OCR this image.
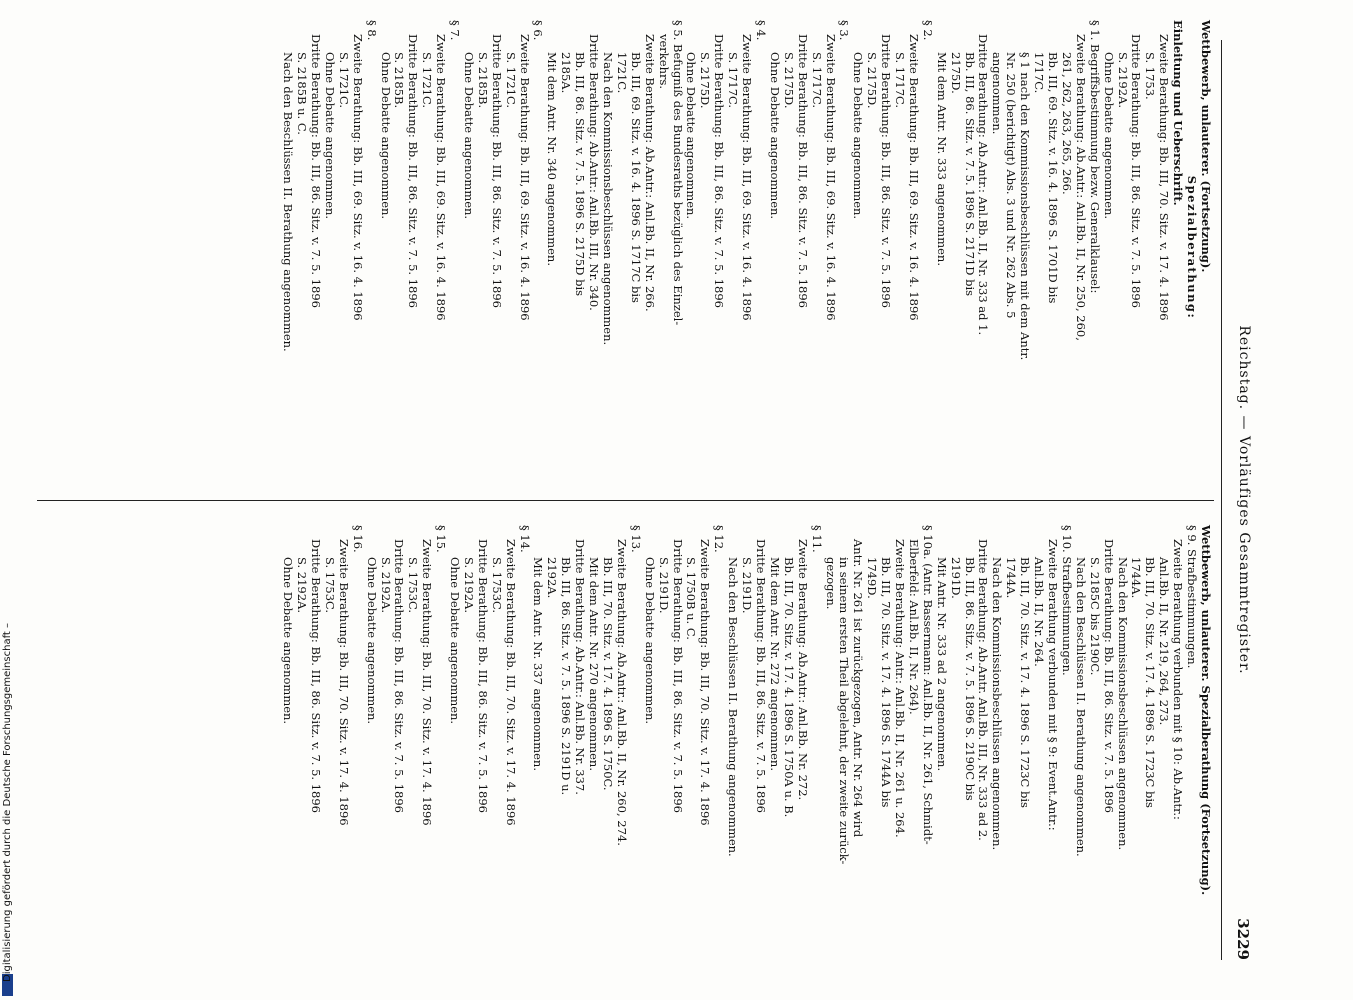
Reichstag. — Vorläufiges Gesammtregister.
3229

Wettbewerb, unlauterer. (Fortsetzung).

Spezialberathung:

Einleitung und Ueberschrift.

Zweite Berathung: Bb. III, 70. Sitz. v. 17. 4. 1896

S. 1753.

Dritte Berathung: Bb. III, 86. Sitz. v. 7. 5. 1896

S. 2192A.

Ohne Debatte angenommen.

§ 1. Begriffsbestimmung bezw. Generalklausel:

Zweite Berathung: Ab.Antr.: Anl.Bb. II, Nr. 250, 260,

261, 262, 263, 265, 266.

Bb. III, 69. Sitz. v. 16. 4. 1896 S. 1701D bis

1717C.

§ 1 nach den Kommissionsbeschlüssen mit dem Antr.

Nr. 250 (berichtigt) Abs. 3 und Nr. 262 Abs. 5

angenommen.

Dritte Berathung: Ab.Antr.: Anl.Bb. II, Nr. 333 ad 1.

Bb. III, 86. Sitz. v. 7. 5. 1896 S. 2171D bis

2175D.

Mit dem Antr. Nr. 333 angenommen.

§ 2.

Zweite Berathung: Bb. III, 69. Sitz. v. 16. 4. 1896

S. 1717C.

Dritte Berathung: Bb. III, 86. Sitz. v. 7. 5. 1896

S. 2175D.

Ohne Debatte angenommen.

§ 3.

Zweite Berathung: Bb. III, 69. Sitz. v. 16. 4. 1896

S. 1717C.

Dritte Berathung: Bb. III, 86. Sitz. v. 7. 5. 1896

S. 2175D.

Ohne Debatte angenommen.

§ 4.

Zweite Berathung: Bb. III, 69. Sitz. v. 16. 4. 1896

S. 1717C.

Dritte Berathung: Bb. III, 86. Sitz. v. 7. 5. 1896

S. 2175D.

Ohne Debatte angenommen.

§ 5. Befugniß des Bundesraths bezüglich des Einzel-

verkehrs.

Zweite Berathung: Ab.Antr.: Anl.Bb. II, Nr. 266.

Bb. III, 69. Sitz. v. 16. 4. 1896 S. 1717C bis

1721C.

Nach den Kommissionsbeschlüssen angenommen.

Dritte Berathung: Ab.Antr.: Anl.Bb. III, Nr. 340.

Bb. III, 86. Sitz. v. 7. 5. 1896 S. 2175D bis

2185A.

Mit dem Antr. Nr. 340 angenommen.

§ 6.

Zweite Berathung: Bb. III, 69. Sitz. v. 16. 4. 1896

S. 1721C.

Dritte Berathung: Bb. III, 86. Sitz. v. 7. 5. 1896

S. 2185B.

Ohne Debatte angenommen.

§ 7.

Zweite Berathung: Bb. III, 69. Sitz. v. 16. 4. 1896

S. 1721C.

Dritte Berathung: Bb. III, 86. Sitz. v. 7. 5. 1896

S. 2185B.

Ohne Debatte angenommen.

§ 8.

Zweite Berathung: Bb. III, 69. Sitz. v. 16. 4. 1896

S. 1721C.

Ohne Debatte angenommen.

Dritte Berathung: Bb. III, 86. Sitz. v. 7. 5. 1896

S. 2185B u. C.

Nach den Beschlüssen II. Berathung angenommen.

Wettbewerb, unlauterer. Spezialberathung (Fortsetzung).

§ 9. Strafbestimmungen.

Zweite Berathung verbunden mit § 10: Ab.Antr.:

Anl.Bb. II, Nr. 219, 264, 273.

Bb. III, 70. Sitz. v. 17. 4. 1896 S. 1723C bis

1744A.

Nach den Kommissionsbeschlüssen angenommen.

Dritte Berathung: Bb. III, 86. Sitz. v. 7. 5. 1896

S. 2185C bis 2190C.

Nach den Beschlüssen II. Berathung angenommen.

§ 10. Strafbestimmungen.

Zweite Berathung verbunden mit § 9: Event.Antr.:

Anl.Bb. II, Nr. 264.

Bb. III, 70. Sitz. v. 17. 4. 1896 S. 1723C bis

1744A.

Nach den Kommissionsbeschlüssen angenommen.

Dritte Berathung: Ab.Antr. Anl.Bb. III, Nr. 333 ad 2.

Bb. III, 86. Sitz. v. 7. 5. 1896 S. 2190C bis

2191D.

Mit Antr. Nr. 333 ad 2 angenommen.

§ 10a. (Antr. Bassermann: Anl.Bb. II, Nr. 261, Schmidt-

Elberfeld: Anl.Bb. II, Nr. 264).

Zweite Berathung: Antr.: Anl.Bb. II, Nr. 261 u. 264.

Bb. III, 70. Sitz. v. 17. 4. 1896 S. 1744A bis

1749D.

Antr. Nr. 261 ist zurückgezogen, Antr. Nr. 264 wird

in seinem ersten Theil abgelehnt, der zweite zurück-

gezogen.

§ 11.

Zweite Berathung: Ab.Antr.: Anl.Bb. Nr. 272.

Bb. III, 70. Sitz. v. 17. 4. 1896 S. 1750A u. B.

Mit dem Antr. Nr. 272 angenommen.

Dritte Berathung: Bb. III, 86. Sitz. v. 7. 5. 1896

S. 2191D.

Nach den Beschlüssen II. Berathung angenommen.

§ 12.

Zweite Berathung: Bb. III, 70. Sitz. v. 17. 4. 1896

S. 1750B u. C.

Dritte Berathung: Bb. III, 86. Sitz. v. 7. 5. 1896

S. 2191D.

Ohne Debatte angenommen.

§ 13.

Zweite Berathung: Ab.Antr.: Anl.Bb. II, Nr. 260, 274.

Bb. III, 70. Sitz. v. 17. 4. 1896 S. 1750C.

Mit dem Antr. Nr. 270 angenommen.

Dritte Berathung: Ab.Antr.: Anl.Bb. Nr. 337.

Bb. III, 86. Sitz. v. 7. 5. 1896 S. 2191D u.

2192A.

Mit dem Antr. Nr. 337 angenommen.

§ 14.

Zweite Berathung: Bb. III, 70. Sitz. v. 17. 4. 1896

S. 1753C.

Dritte Berathung: Bb. III, 86. Sitz. v. 7. 5. 1896

S. 2192A.

Ohne Debatte angenommen.

§ 15.

Zweite Berathung: Bb. III, 70. Sitz. v. 17. 4. 1896

S. 1753C.

Dritte Berathung: Bb. III, 86. Sitz. v. 7. 5. 1896

S. 2192A.

Ohne Debatte angenommen.

§ 16.

Zweite Berathung: Bb. III, 70. Sitz. v. 17. 4. 1896

S. 1753C.

Dritte Berathung: Bb. III, 86. Sitz. v. 7. 5. 1896

S. 2192A.

Ohne Debatte angenommen.

Digitalisierung gefördert durch die Deutsche Forschungsgemeinschaft –
